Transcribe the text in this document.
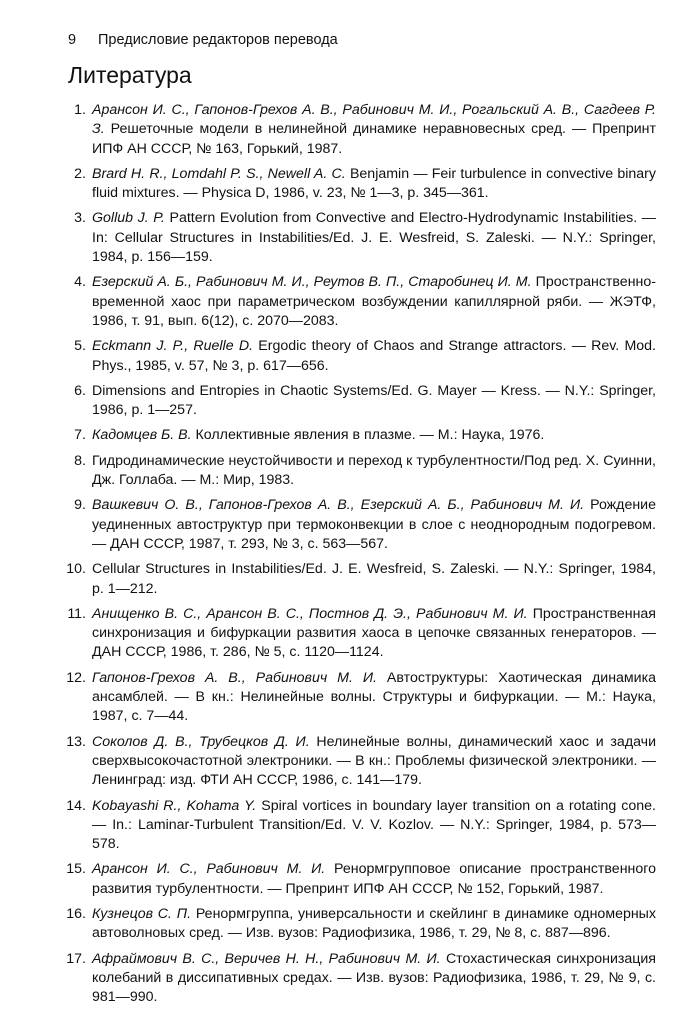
9 Предисловие редакторов перевода
Литература
1. Арансон И. С., Гапонов-Грехов А. В., Рабинович М. И., Рогальский А. В., Сагдеев Р. З. Решеточные модели в нелинейной динамике неравновесных сред. — Препринт ИПФ АН СССР, № 163, Горький, 1987.
2. Brard H. R., Lomdahl P. S., Newell A. C. Benjamin — Feir turbulence in convective binary fluid mixtures. — Physica D, 1986, v. 23, № 1—3, p. 345—361.
3. Gollub J. P. Pattern Evolution from Convective and Electro-Hydrodynamic Instabilities. — In: Cellular Structures in Instabilities/Ed. J. E. Wesfreid, S. Zaleski. — N.Y.: Springer, 1984, p. 156—159.
4. Езерский А. Б., Рабинович М. И., Реутов В. П., Старобинец И. М. Пространственно-временной хаос при параметрическом возбуждении капиллярной ряби. — ЖЭТФ, 1986, т. 91, вып. 6(12), с. 2070—2083.
5. Eckmann J. P., Ruelle D. Ergodic theory of Chaos and Strange attractors. — Rev. Mod. Phys., 1985, v. 57, № 3, p. 617—656.
6. Dimensions and Entropies in Chaotic Systems/Ed. G. Mayer — Kress. — N.Y.: Springer, 1986, p. 1—257.
7. Кадомцев Б. В. Коллективные явления в плазме. — М.: Наука, 1976.
8. Гидродинамические неустойчивости и переход к турбулентности/Под ред. Х. Суинни, Дж. Голлаба. — М.: Мир, 1983.
9. Вашкевич О. В., Гапонов-Грехов А. В., Езерский А. Б., Рабинович М. И. Рождение уединенных автоструктур при термоконвекции в слое с неоднородным подогревом. — ДАН СССР, 1987, т. 293, № 3, с. 563—567.
10. Cellular Structures in Instabilities/Ed. J. E. Wesfreid, S. Zaleski. — N.Y.: Springer, 1984, p. 1—212.
11. Анищенко В. С., Арансон В. С., Постнов Д. Э., Рабинович М. И. Пространственная синхронизация и бифуркации развития хаоса в цепочке связанных генераторов. — ДАН СССР, 1986, т. 286, № 5, с. 1120—1124.
12. Гапонов-Грехов А. В., Рабинович М. И. Автоструктуры: Хаотическая динамика ансамблей. — В кн.: Нелинейные волны. Структуры и бифуркации. — М.: Наука, 1987, с. 7—44.
13. Соколов Д. В., Трубецков Д. И. Нелинейные волны, динамический хаос и задачи сверхвысокочастотной электроники. — В кн.: Проблемы физической электроники. — Ленинград: изд. ФТИ АН СССР, 1986, с. 141—179.
14. Kobayashi R., Kohama Y. Spiral vortices in boundary layer transition on a rotating cone. — In.: Laminar-Turbulent Transition/Ed. V. V. Kozlov. — N.Y.: Springer, 1984, p. 573—578.
15. Арансон И. С., Рабинович М. И. Ренормгрупповое описание пространственного развития турбулентности. — Препринт ИПФ АН СССР, № 152, Горький, 1987.
16. Кузнецов С. П. Ренормгруппа, универсальности и скейлинг в динамике одномерных автоволновых сред. — Изв. вузов: Радиофизика, 1986, т. 29, № 8, с. 887—896.
17. Афраймович В. С., Веричев Н. Н., Рабинович М. И. Стохастическая синхронизация колебаний в диссипативных средах. — Изв. вузов: Радиофизика, 1986, т. 29, № 9, с. 981—990.
